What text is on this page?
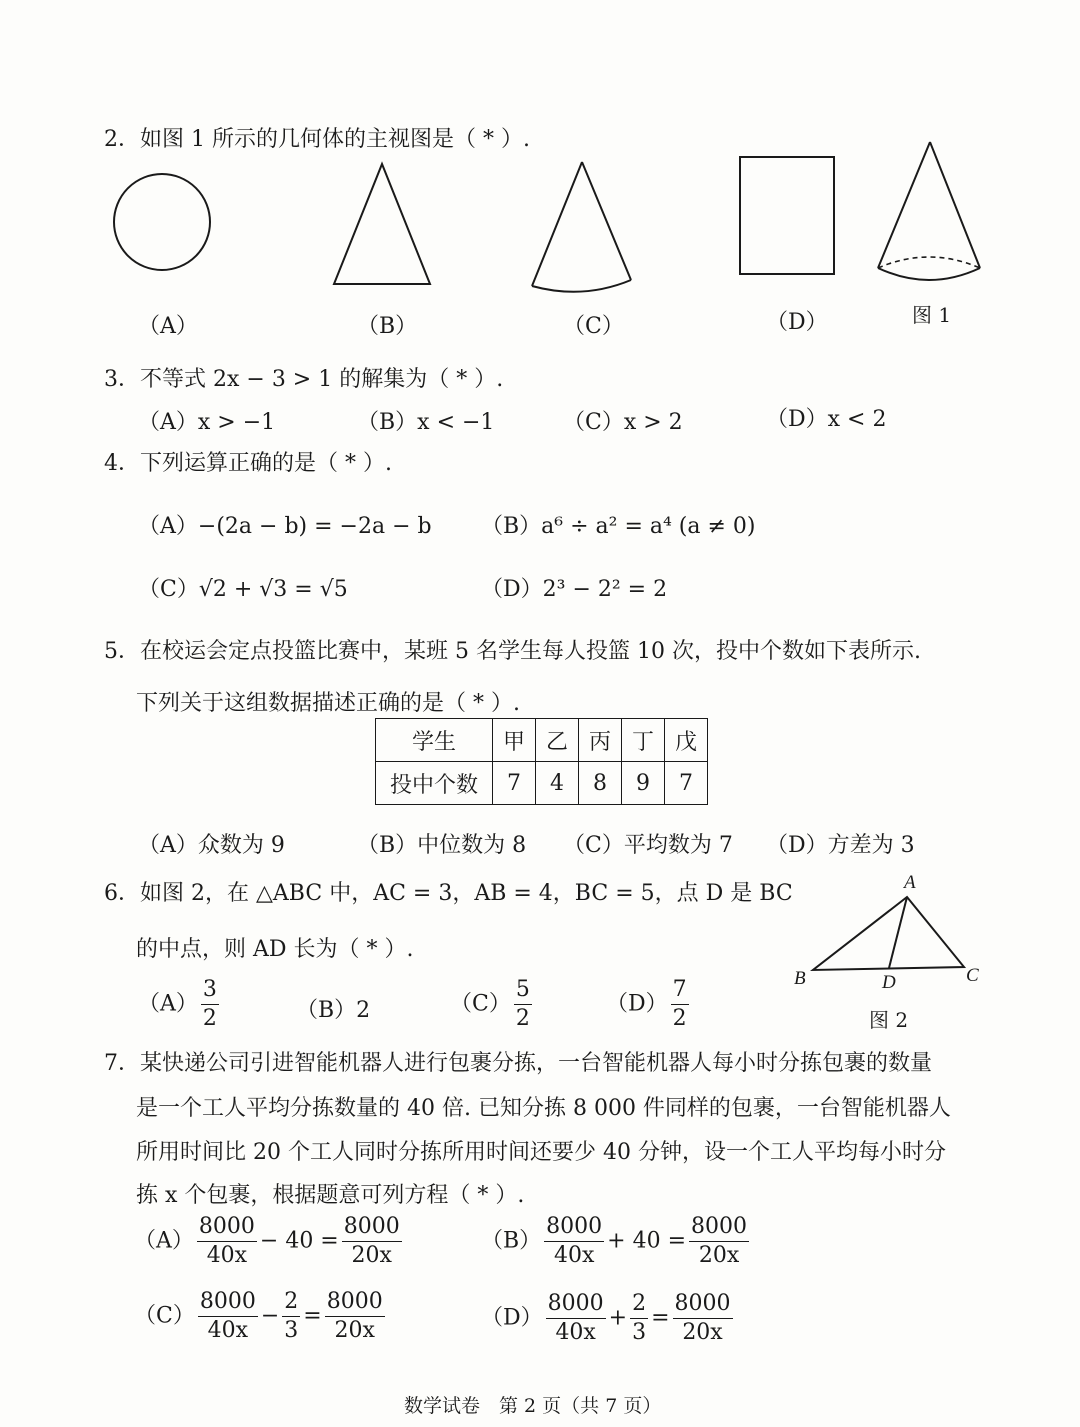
2．如图 1 所示的几何体的主视图是（ * ）.
（A）	（B）	（C）	（D）	图 1
3．不等式 2x − 3 > 1 的解集为（ * ）.
（A）x > −1	（B）x < −1	（C）x > 2	（D）x < 2
4．下列运算正确的是（ * ）.
（A）−(2a − b) = −2a − b （B）a⁶ ÷ a² = a⁴ (a ≠ 0)
（C）√2 + √3 = √5	（D）2³ − 2² = 2
5．在校运会定点投篮比赛中，某班 5 名学生每人投篮 10 次，投中个数如下表所示.
下列关于这组数据描述正确的是（ * ）.
学生	甲	乙	丙	丁	戊
投中个数	7	4	8	9	7
（A）众数为 9	（B）中位数为 8 （C）平均数为 7 （D）方差为 3
6．如图 2，在 △ABC 中，AC = 3，AB = 4，BC = 5，点 D 是 BC
的中点，则 AD 长为（ * ）.
$(A) \frac{3}{2}$	（B）2	$(C) \frac{5}{2}$	$(D) \frac{7}{2}$
A
B	C
D
图 2
7．某快递公司引进智能机器人进行包裹分拣，一台智能机器人每小时分拣包裹的数量
是一个工人平均分拣数量的 40 倍. 已知分拣 8 000 件同样的包裹，一台智能机器人
所用时间比 20 个工人同时分拣所用时间还要少 40 分钟，设一个工人平均每小时分
拣 x 个包裹，根据题意可列方程（ * ）.
$(A) \frac{8000}{40x} - 40 = \frac{8000}{20x}$	$(B) \frac{8000}{40x} + 40 = \frac{8000}{20x}$
$(C) \frac{8000}{40x} - \frac{2}{3} = \frac{8000}{20x}$	$(D) \frac{8000}{40x} + \frac{2}{3} = \frac{8000}{20x}$
数学试卷　第 2 页（共 7 页）
